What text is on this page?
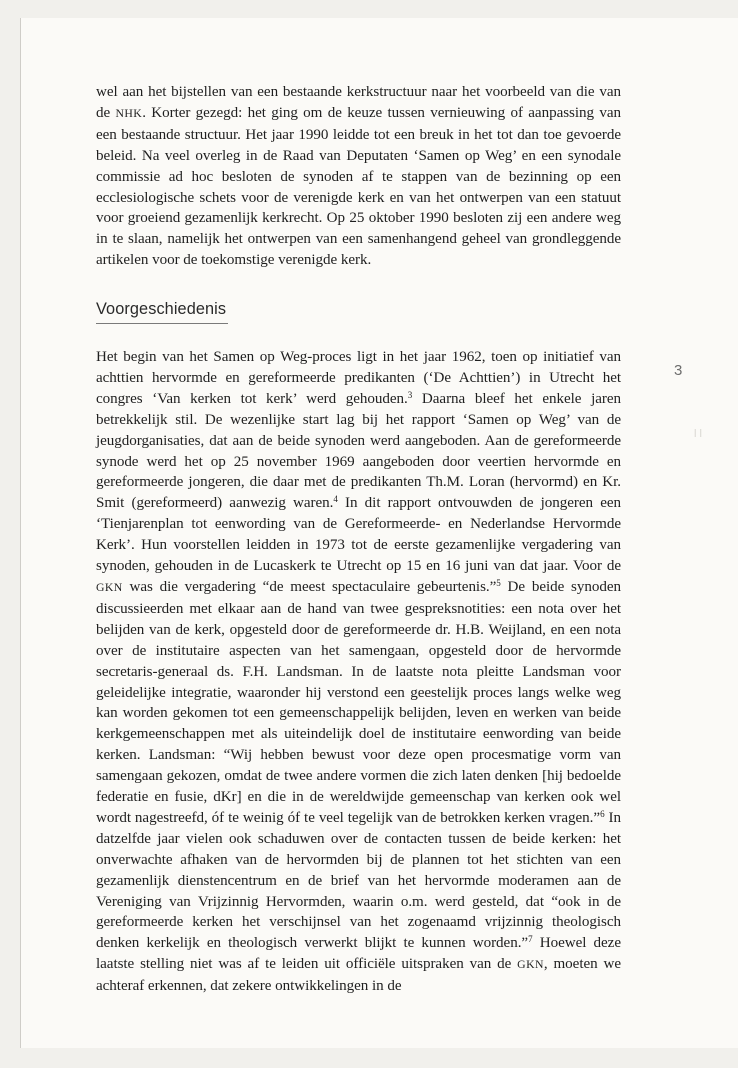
wel aan het bijstellen van een bestaande kerkstructuur naar het voorbeeld van die van de NHK. Korter gezegd: het ging om de keuze tussen vernieuwing of aanpassing van een bestaande structuur. Het jaar 1990 leidde tot een breuk in het tot dan toe gevoerde beleid. Na veel overleg in de Raad van Deputaten ‘Samen op Weg’ en een synodale commissie ad hoc besloten de synoden af te stappen van de bezinning op een ecclesiologische schets voor de verenigde kerk en van het ontwerpen van een statuut voor groeiend gezamenlijk kerkrecht. Op 25 oktober 1990 besloten zij een andere weg in te slaan, namelijk het ontwerpen van een samenhangend geheel van grondleggende artikelen voor de toekomstige verenigde kerk.

Voorgeschiedenis
3
l l

Het begin van het Samen op Weg-proces ligt in het jaar 1962, toen op initiatief van achttien hervormde en gereformeerde predikanten (‘De Achttien’) in Utrecht het congres ‘Van kerken tot kerk’ werd gehouden.$^3$ Daarna bleef het enkele jaren betrekkelijk stil. De wezenlijke start lag bij het rapport ‘Samen op Weg’ van de jeugdorganisaties, dat aan de beide synoden werd aangeboden. Aan de gereformeerde synode werd het op 25 november 1969 aangeboden door veertien hervormde en gereformeerde jongeren, die daar met de predikanten Th.M. Loran (hervormd) en Kr. Smit (gereformeerd) aanwezig waren.$^4$ In dit rapport ontvouwden de jongeren een ‘Tienjarenplan tot eenwording van de Gereformeerde- en Nederlandse Hervormde Kerk’. Hun voorstellen leidden in 1973 tot de eerste gezamenlijke vergadering van synoden, gehouden in de Lucaskerk te Utrecht op 15 en 16 juni van dat jaar. Voor de GKN was die vergadering “de meest spectaculaire gebeurtenis.”$^5$ De beide synoden discussieerden met elkaar aan de hand van twee gespreksnotities: een nota over het belijden van de kerk, opgesteld door de gereformeerde dr. H.B. Weijland, en een nota over de institutaire aspecten van het samengaan, opgesteld door de hervormde secretaris-generaal ds. F.H. Landsman. In de laatste nota pleitte Landsman voor geleidelijke integratie, waaronder hij verstond een geestelijk proces langs welke weg kan worden gekomen tot een gemeenschappelijk belijden, leven en werken van beide kerkgemeenschappen met als uiteindelijk doel de institutaire eenwording van beide kerken. Landsman: “Wij hebben bewust voor deze open procesmatige vorm van samengaan gekozen, omdat de twee andere vormen die zich laten denken [hij bedoelde federatie en fusie, dKr] en die in de wereldwijde gemeenschap van kerken ook wel wordt nagestreefd, óf te weinig óf te veel tegelijk van de betrokken kerken vragen.”$^6$ In datzelfde jaar vielen ook schaduwen over de contacten tussen de beide kerken: het onverwachte afhaken van de hervormden bij de plannen tot het stichten van een gezamenlijk dienstencentrum en de brief van het hervormde moderamen aan de Vereniging van Vrijzinnig Hervormden, waarin o.m. werd gesteld, dat “ook in de gereformeerde kerken het verschijnsel van het zogenaamd vrijzinnig theologisch denken kerkelijk en theologisch verwerkt blijkt te kunnen worden.”$^7$ Hoewel deze laatste stelling niet was af te leiden uit officiële uitspraken van de GKN, moeten we achteraf erkennen, dat zekere ontwikkelingen in de
